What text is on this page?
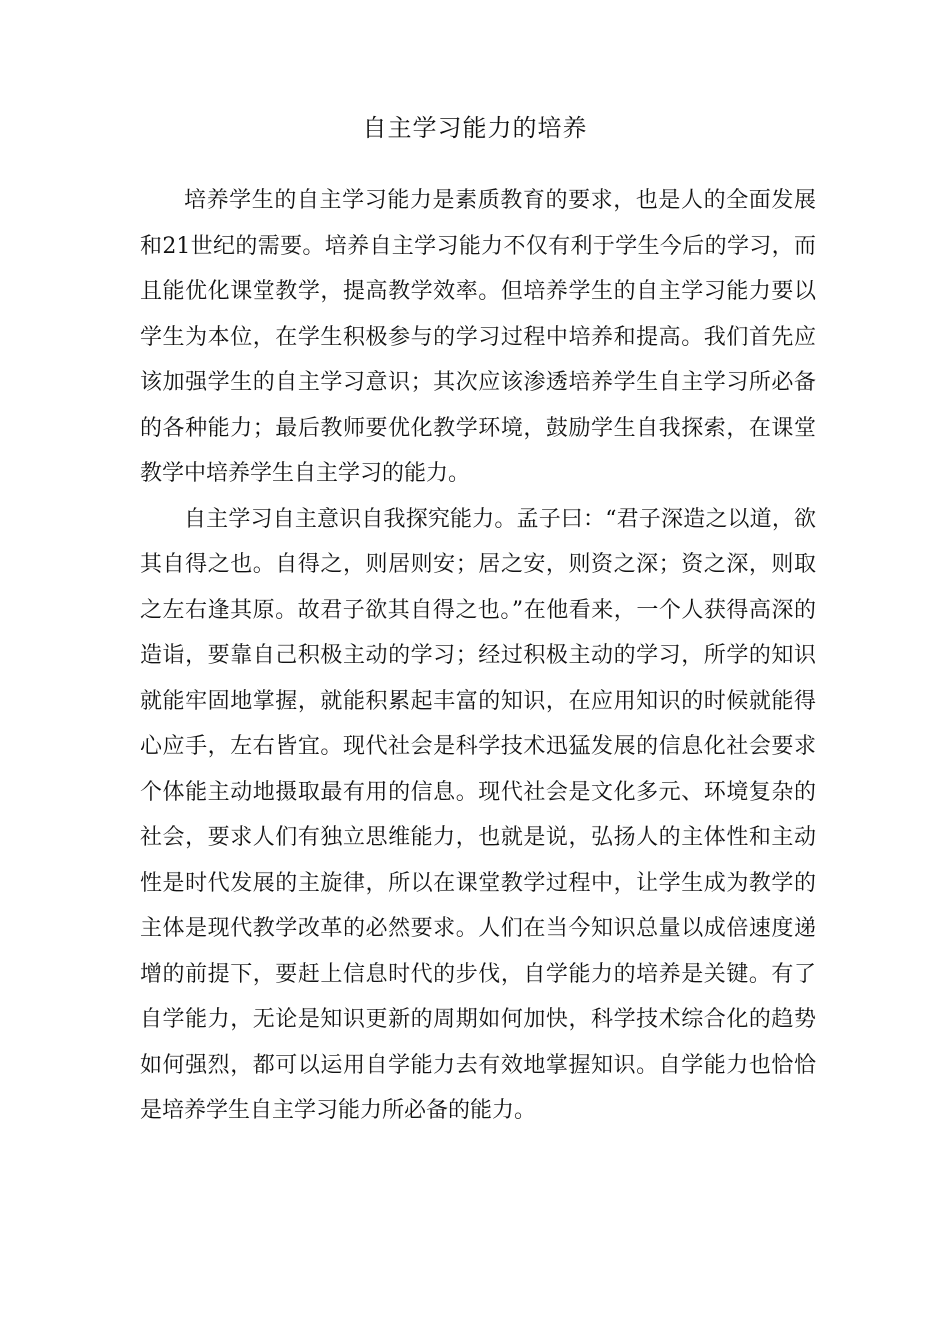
自主学习能力的培养

培养学生的自主学习能力是素质教育的要求，也是人的全面发展和21世纪的需要。培养自主学习能力不仅有利于学生今后的学习，而且能优化课堂教学，提高教学效率。但培养学生的自主学习能力要以学生为本位，在学生积极参与的学习过程中培养和提高。我们首先应该加强学生的自主学习意识；其次应该渗透培养学生自主学习所必备的各种能力；最后教师要优化教学环境，鼓励学生自我探索，在课堂教学中培养学生自主学习的能力。

自主学习自主意识自我探究能力。孟子曰：“君子深造之以道，欲其自得之也。自得之，则居则安；居之安，则资之深；资之深，则取之左右逢其原。故君子欲其自得之也。”在他看来，一个人获得高深的造诣，要靠自己积极主动的学习；经过积极主动的学习，所学的知识就能牢固地掌握，就能积累起丰富的知识，在应用知识的时候就能得心应手，左右皆宜。现代社会是科学技术迅猛发展的信息化社会要求个体能主动地摄取最有用的信息。现代社会是文化多元、环境复杂的社会，要求人们有独立思维能力，也就是说，弘扬人的主体性和主动性是时代发展的主旋律，所以在课堂教学过程中，让学生成为教学的主体是现代教学改革的必然要求。人们在当今知识总量以成倍速度递增的前提下，要赶上信息时代的步伐，自学能力的培养是关键。有了自学能力，无论是知识更新的周期如何加快，科学技术综合化的趋势如何强烈，都可以运用自学能力去有效地掌握知识。自学能力也恰恰是培养学生自主学习能力所必备的能力。
